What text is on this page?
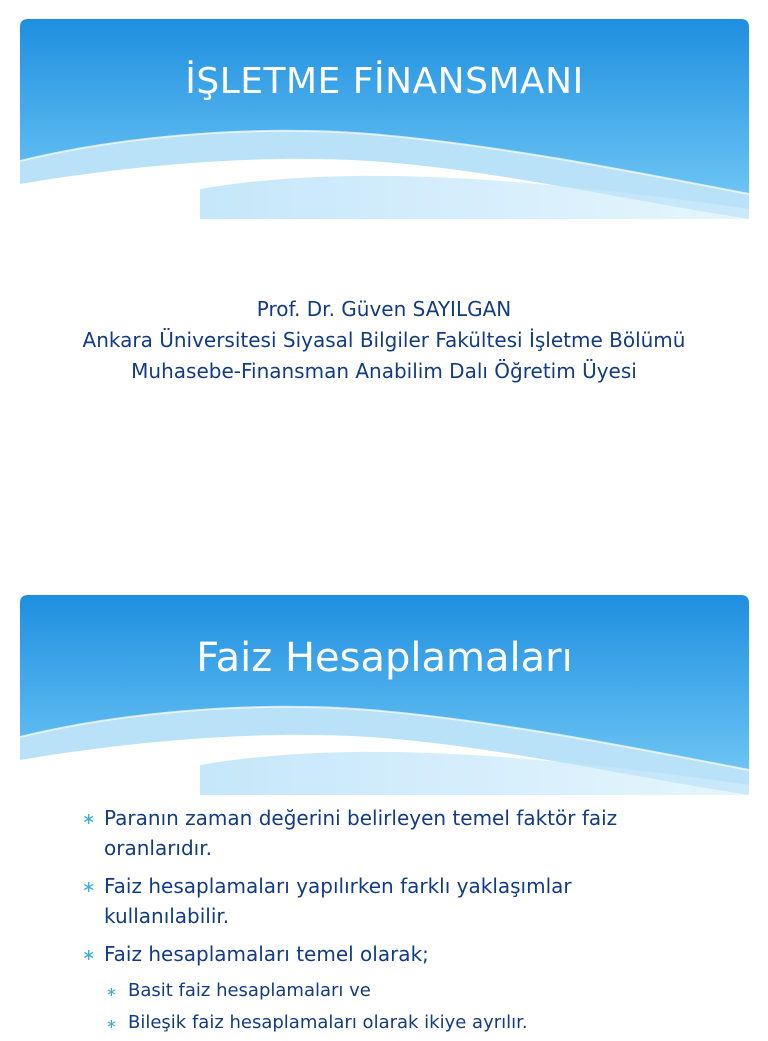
İŞLETME FİNANSMANI
Prof. Dr. Güven SAYILGAN
Ankara Üniversitesi Siyasal Bilgiler Fakültesi İşletme Bölümü
Muhasebe-Finansman Anabilim Dalı Öğretim Üyesi
Faiz Hesaplamaları
∗ Paranın zaman değerini belirleyen temel faktör faiz oranlarıdır.
∗ Faiz hesaplamaları yapılırken farklı yaklaşımlar kullanılabilir.
∗ Faiz hesaplamaları temel olarak;
∗ Basit faiz hesaplamaları ve
∗ Bileşik faiz hesaplamaları olarak ikiye ayrılır.
